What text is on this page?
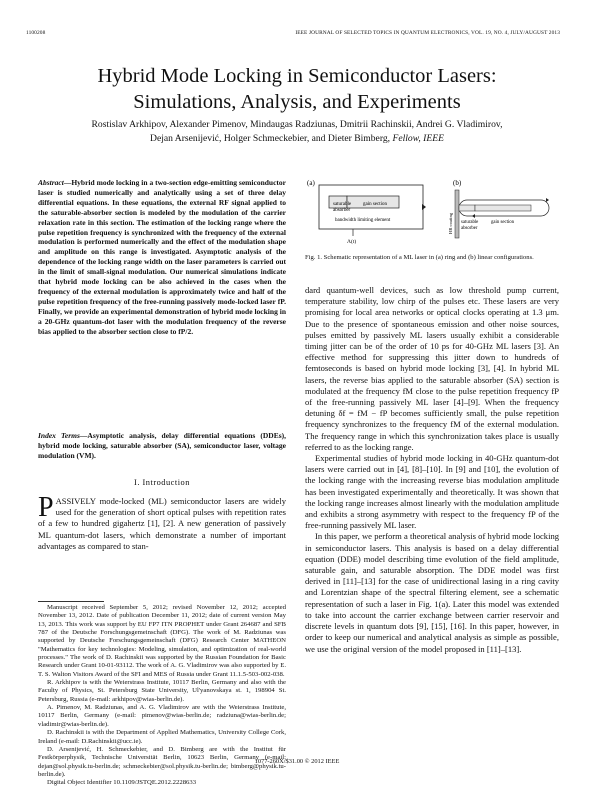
1100208	IEEE JOURNAL OF SELECTED TOPICS IN QUANTUM ELECTRONICS, VOL. 19, NO. 4, JULY/AUGUST 2013
Hybrid Mode Locking in Semiconductor Lasers:
Simulations, Analysis, and Experiments
Rostislav Arkhipov, Alexander Pimenov, Mindaugas Radziunas, Dmitrii Rachinskii, Andrei G. Vladimirov,
Dejan Arsenijević, Holger Schmeckebier, and Dieter Bimberg, Fellow, IEEE
Abstract—Hybrid mode locking in a two-section edge-emitting semiconductor laser is studied numerically and analytically using a set of three delay differential equations. In these equations, the external RF signal applied to the saturable-absorber section is modeled by the modulation of the carrier relaxation rate in this section. The estimation of the locking range where the pulse repetition frequency is synchronized with the frequency of the external modulation is performed numerically and the effect of the modulation shape and amplitude on this range is investigated. Asymptotic analysis of the dependence of the locking range width on the laser parameters is carried out in the limit of small-signal modulation. Our numerical simulations indicate that hybrid mode locking can be also achieved in the cases when the frequency of the external modulation is approximately twice and half of the pulse repetition frequency of the free-running passively mode-locked laser fP. Finally, we provide an experimental demonstration of hybrid mode locking in a 20-GHz quantum-dot laser with the modulation frequency of the reverse bias applied to the absorber section close to fP/2.
Index Terms—Asymptotic analysis, delay differential equations (DDEs), hybrid mode locking, saturable absorber (SA), semiconductor laser, voltage modulation (VM).
I. Introduction

PASSIVELY mode-locked (ML) semiconductor lasers are widely used for the generation of short optical pulses with repetition rates of a few to hundred gigahertz [1], [2]. A new generation of passively ML quantum-dot lasers, which demonstrate a number of important advantages as compared to stan-

Manuscript received September 5, 2012; revised November 12, 2012; accepted November 13, 2012. Date of publication December 11, 2012; date of current version May 13, 2013. This work was support by EU FP7 ITN PROPHET under Grant 264687 and SFB 787 of the Deutsche Forschungsgemeinschaft (DFG). The work of M. Radziunas was supported by Deutsche Forschungsgemeinschaft (DFG) Research Center MATHEON "Mathematics for key technologies: Modeling, simulation, and optimization of real-world processes." The work of D. Rachinskii was supported by the Russian Foundation for Basic Research under Grant 10-01-93112. The work of A. G. Vladimirov was also supported by E. T. S. Walton Visitors Award of the SFI and MES of Russia under Grant 11.1.5-503-002-038.

R. Arkhipov is with the Weierstrass Institute, 10117 Berlin, Germany and also with the Faculty of Physics, St. Petersburg State University, Ul'yanovskaya st. 1, 198904 St. Petersburg, Russia (e-mail: arkhipov@wias-berlin.de).

A. Pimenov, M. Radziunas, and A. G. Vladimirov are with the Weierstrass Institute, 10117 Berlin, Germany (e-mail: pimenov@wias-berlin.de; radziuna@wias-berlin.de; vladimir@wias-berlin.de).

D. Rachinskii is with the Department of Applied Mathematics, University College Cork, Ireland (e-mail: D.Rachinskii@ucc.ie).

D. Arsenijević, H. Schmeckebier, and D. Bimberg are with the Institut für Festkörperphysik, Technische Universität Berlin, 10623 Berlin, Germany (e-mail: dejan@sol.physik.tu-berlin.de; schmeckebier@sol.physik.tu-berlin.de; bimberg@physik.tu-berlin.de).

Digital Object Identifier 10.1109/JSTQE.2012.2228633

(a)
saturable
absorber
gain section
bandwidth limiting element
Λ(t)
(b)
HR coating saturable
absorber
gain section
Fig. 1. Schematic representation of a ML laser in (a) ring and (b) linear configurations.

dard quantum-well devices, such as low threshold pump current, temperature stability, low chirp of the pulses etc. These lasers are very promising for local area networks or optical clocks operating at 1.3 μm. Due to the presence of spontaneous emission and other noise sources, pulses emitted by passively ML lasers usually exhibit a considerable timing jitter can be of the order of 10 ps for 40-GHz ML lasers [3]. An effective method for suppressing this jitter down to hundreds of femtoseconds is based on hybrid mode locking [3], [4]. In hybrid ML lasers, the reverse bias applied to the saturable absorber (SA) section is modulated at the frequency fM close to the pulse repetition frequency fP of the free-running passively ML laser [4]–[9]. When the frequency detuning δf = fM − fP becomes sufficiently small, the pulse repetition frequency synchronizes to the frequency fM of the external modulation. The frequency range in which this synchronization takes place is usually referred to as the locking range.

Experimental studies of hybrid mode locking in 40-GHz quantum-dot lasers were carried out in [4], [8]–[10]. In [9] and [10], the evolution of the locking range with the increasing reverse bias modulation amplitude has been investigated experimentally and theoretically. It was shown that the locking range increases almost linearly with the modulation amplitude and exhibits a strong asymmetry with respect to the frequency fP of the free-running passively ML laser.

In this paper, we perform a theoretical analysis of hybrid mode locking in semiconductor lasers. This analysis is based on a delay differential equation (DDE) model describing time evolution of the field amplitude, saturable gain, and saturable absorption. The DDE model was first derived in [11]–[13] for the case of unidirectional lasing in a ring cavity and Lorentzian shape of the spectral filtering element, see a schematic representation of such a laser in Fig. 1(a). Later this model was extended to take into account the carrier exchange between carrier reservoir and discrete levels in quantum dots [9], [15], [16]. In this paper, however, in order to keep our numerical and analytical analysis as simple as possible, we use the original version of the model proposed in [11]–[13].

1077-260X/$31.00 © 2012 IEEE
